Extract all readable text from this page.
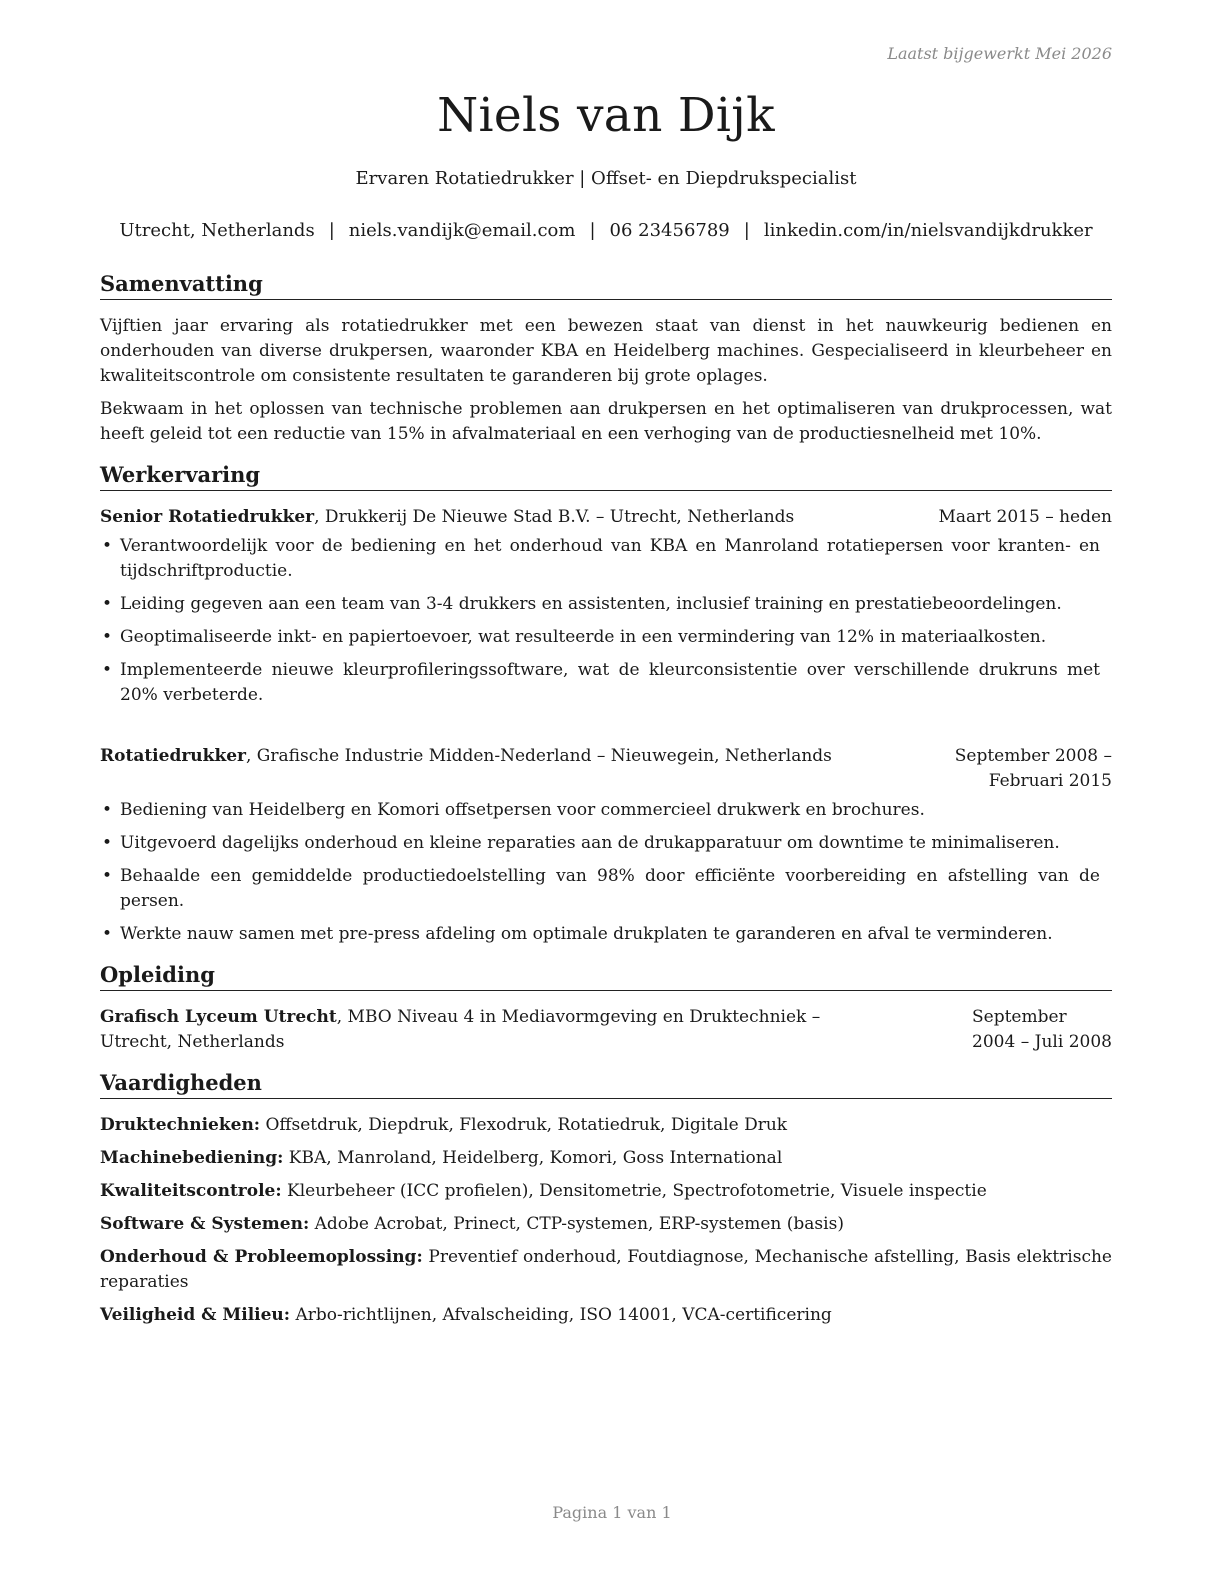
Laatst bijgewerkt Mei 2026
Niels van Dijk
Ervaren Rotatiedrukker | Offset- en Diepdrukspecialist
Utrecht, Netherlands | niels.vandijk@email.com | 06 23456789 | linkedin.com/in/nielsvandijkdrukker
Samenvatting

Vijftien jaar ervaring als rotatiedrukker met een bewezen staat van dienst in het nauwkeurig bedienen en onderhouden van diverse drukpersen, waaronder KBA en Heidelberg machines. Gespecialiseerd in kleurbeheer en kwaliteitscontrole om consistente resultaten te garanderen bij grote oplages.

Bekwaam in het oplossen van technische problemen aan drukpersen en het optimaliseren van drukprocessen, wat heeft geleid tot een reductie van 15% in afvalmateriaal en een verhoging van de productiesnelheid met 10%.

Werkervaring
Senior Rotatiedrukker, Drukkerij De Nieuwe Stad B.V. – Utrecht, Netherlands	Maart 2015 – heden
• Verantwoordelijk voor de bediening en het onderhoud van KBA en Manroland rotatiepersen voor kranten- en tijdschriftproductie.
• Leiding gegeven aan een team van 3-4 drukkers en assistenten, inclusief training en prestatiebeoordelingen.
• Geoptimaliseerde inkt- en papiertoevoer, wat resulteerde in een vermindering van 12% in materiaalkosten.
• Implementeerde nieuwe kleurprofileringssoftware, wat de kleurconsistentie over verschillende drukruns met 20% verbeterde.
Rotatiedrukker, Grafische Industrie Midden-Nederland – Nieuwegein, Netherlands	September 2008 – Februari 2015
• Bediening van Heidelberg en Komori offsetpersen voor commercieel drukwerk en brochures.
• Uitgevoerd dagelijks onderhoud en kleine reparaties aan de drukapparatuur om downtime te minimaliseren.
• Behaalde een gemiddelde productiedoelstelling van 98% door efficiënte voorbereiding en afstelling van de persen.
• Werkte nauw samen met pre-press afdeling om optimale drukplaten te garanderen en afval te verminderen.
Opleiding
Grafisch Lyceum Utrecht, MBO Niveau 4 in Mediavormgeving en Druktechniek – Utrecht, Netherlands
September 2004 – Juli 2008
Vaardigheden
Druktechnieken: Offsetdruk, Diepdruk, Flexodruk, Rotatiedruk, Digitale Druk
Machinebediening: KBA, Manroland, Heidelberg, Komori, Goss International
Kwaliteitscontrole: Kleurbeheer (ICC profielen), Densitometrie, Spectrofotometrie, Visuele inspectie
Software & Systemen: Adobe Acrobat, Prinect, CTP-systemen, ERP-systemen (basis)
Onderhoud & Probleemoplossing: Preventief onderhoud, Foutdiagnose, Mechanische afstelling, Basis elektrische reparaties
Veiligheid & Milieu: Arbo-richtlijnen, Afvalscheiding, ISO 14001, VCA-certificering
Pagina 1 van 1
